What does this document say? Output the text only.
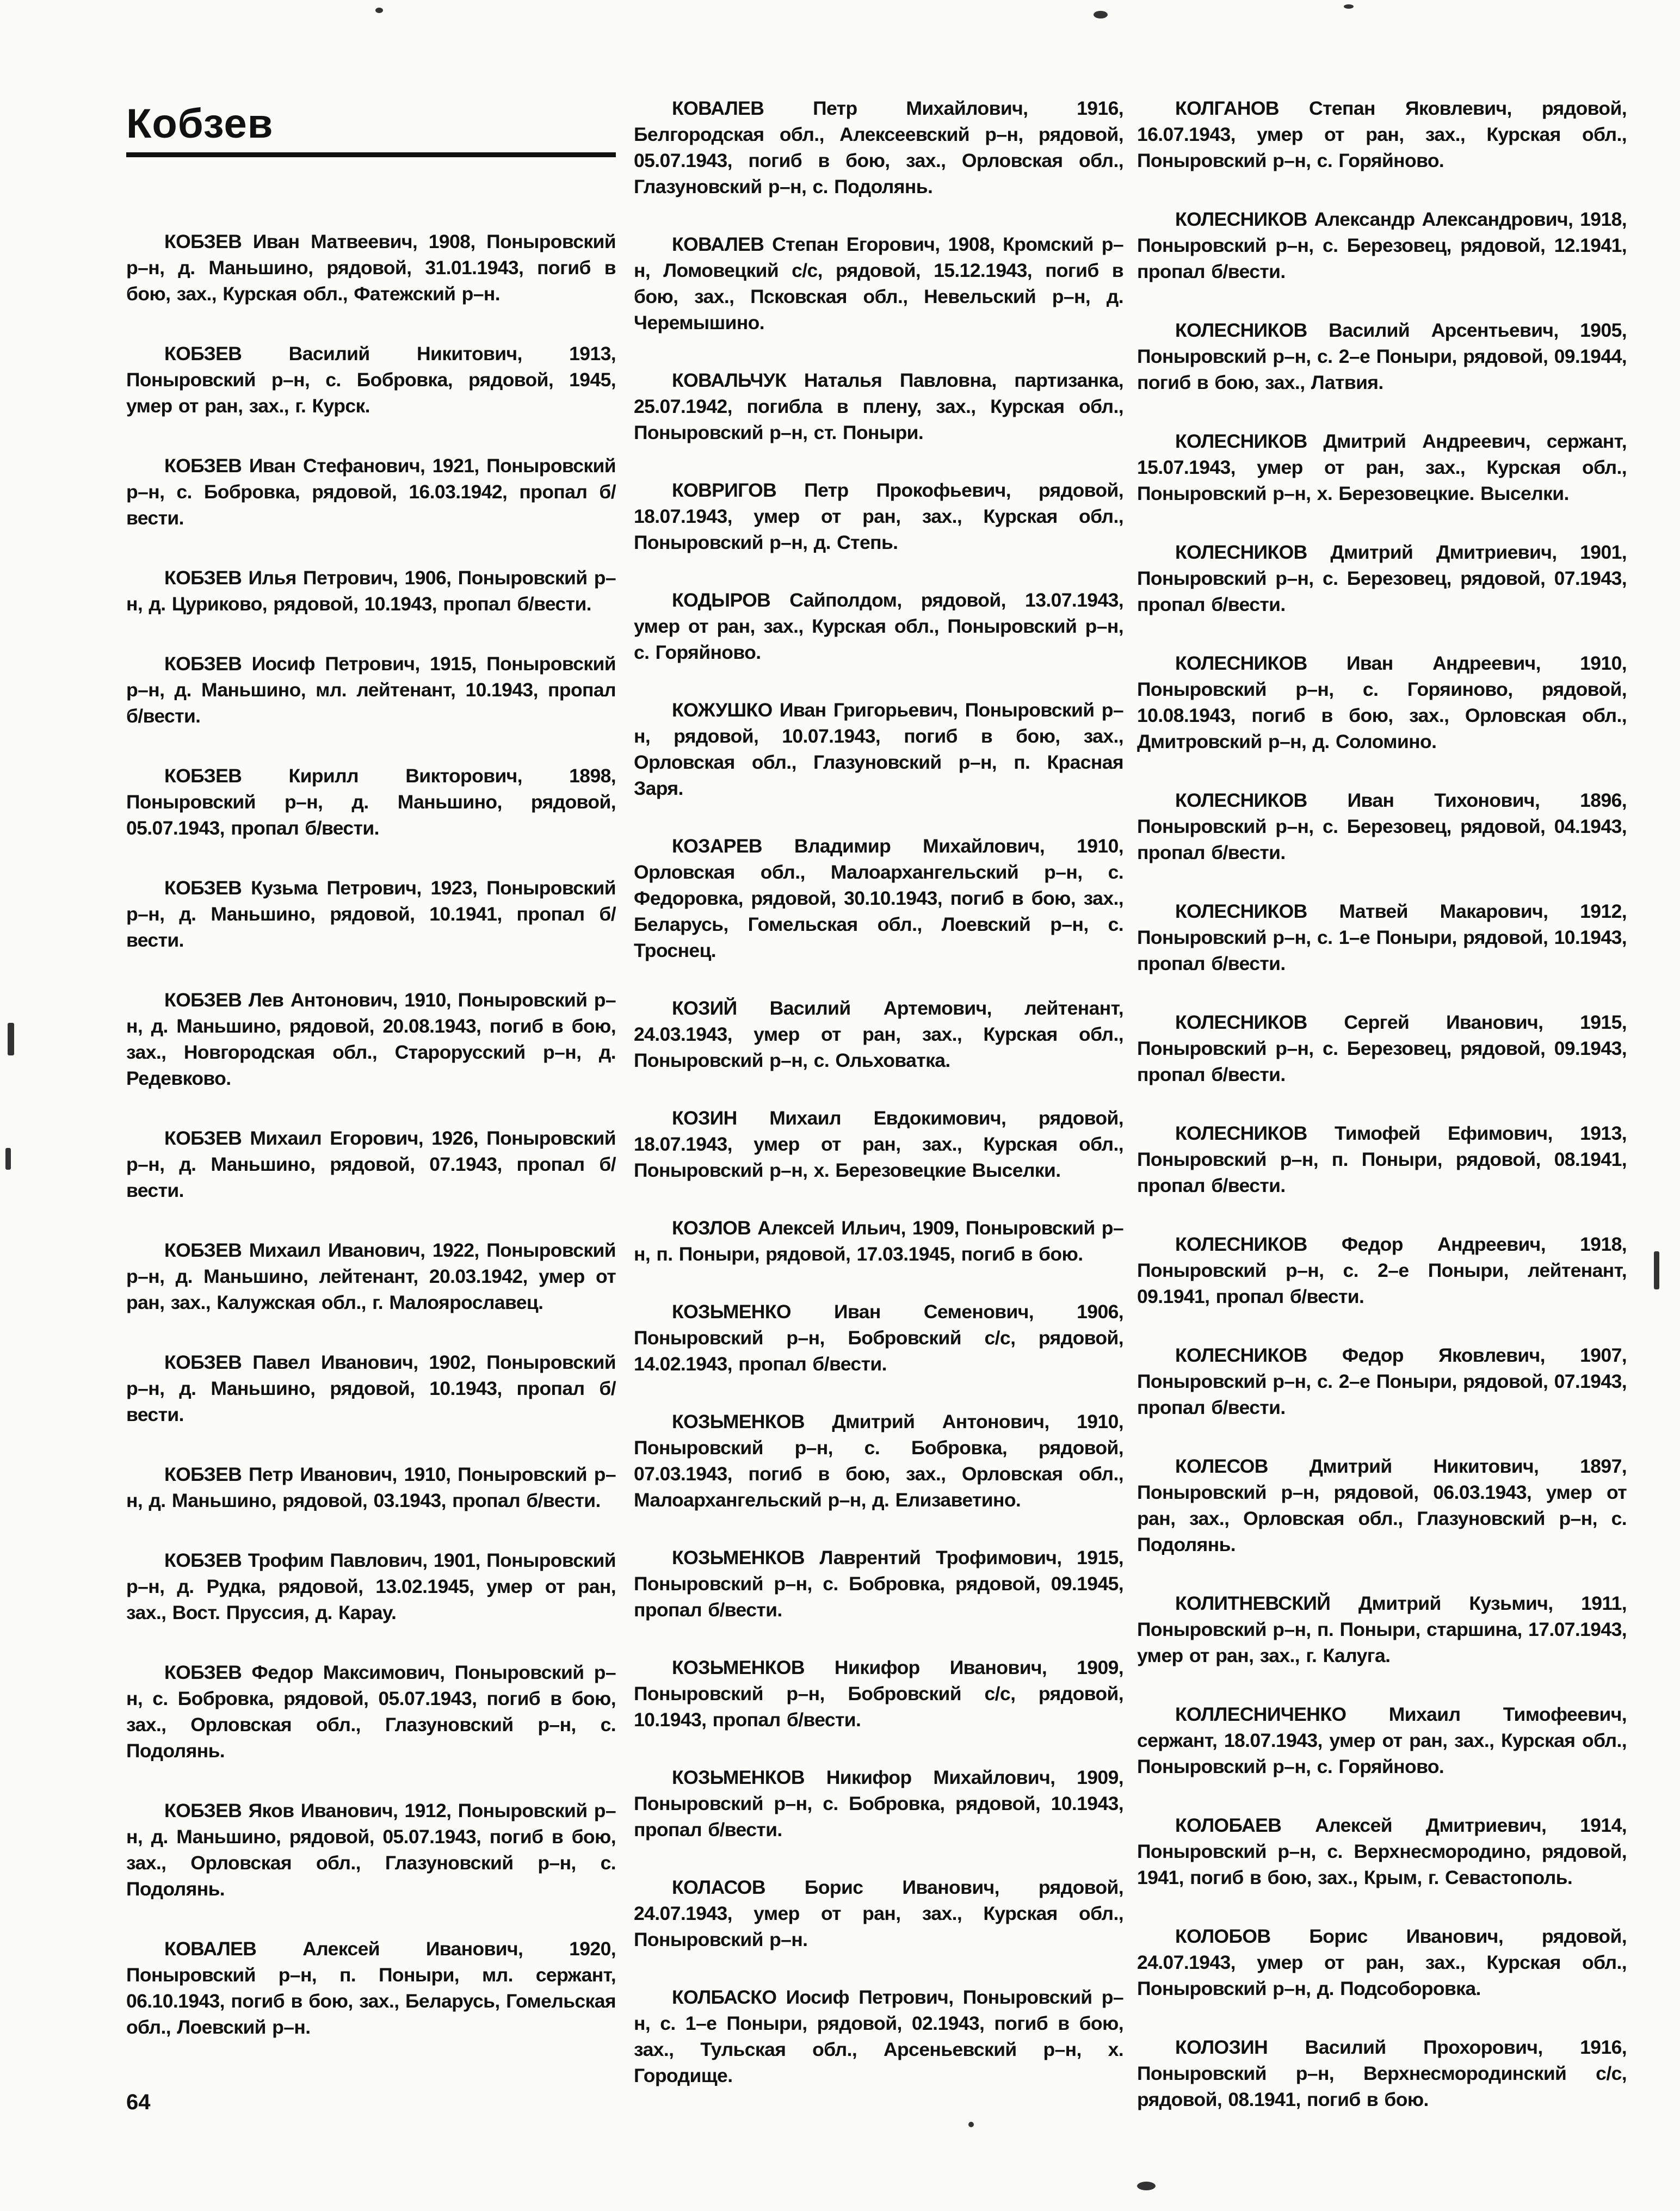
Кобзев

КОБЗЕВ Иван Матвеевич, 1908, Поныровский р–н, д. Маньшино, рядовой, 31.01.1943, погиб в бою, зах., Курская обл., Фатежский р–н.

КОБЗЕВ Василий Никитович, 1913, Поныровский р–н, с. Бобровка, рядовой, 1945, умер от ран, зах., г. Курск.

КОБЗЕВ Иван Стефанович, 1921, Поныровский р–н, с. Бобровка, рядовой, 16.03.1942, пропал б/вести.

КОБЗЕВ Илья Петрович, 1906, Поныровский р–н, д. Цуриково, рядовой, 10.1943, пропал б/вести.

КОБЗЕВ Иосиф Петрович, 1915, Поныровский р–н, д. Маньшино, мл. лейтенант, 10.1943, пропал б/вести.

КОБЗЕВ Кирилл Викторович, 1898, Поныровский р–н, д. Маньшино, рядовой, 05.07.1943, пропал б/вести.

КОБЗЕВ Кузьма Петрович, 1923, Поныровский р–н, д. Маньшино, рядовой, 10.1941, пропал б/вести.

КОБЗЕВ Лев Антонович, 1910, Поныровский р–н, д. Маньшино, рядовой, 20.08.1943, погиб в бою, зах., Новгородская обл., Старорусский р–н, д. Редевково.

КОБЗЕВ Михаил Егорович, 1926, Поныровский р–н, д. Маньшино, рядовой, 07.1943, пропал б/вести.

КОБЗЕВ Михаил Иванович, 1922, Поныровский р–н, д. Маньшино, лейтенант, 20.03.1942, умер от ран, зах., Калужская обл., г. Малоярославец.

КОБЗЕВ Павел Иванович, 1902, Поныровский р–н, д. Маньшино, рядовой, 10.1943, пропал б/вести.

КОБЗЕВ Петр Иванович, 1910, Поныровский р–н, д. Маньшино, рядовой, 03.1943, пропал б/вести.

КОБЗЕВ Трофим Павлович, 1901, Поныровский р–н, д. Рудка, рядовой, 13.02.1945, умер от ран, зах., Вост. Пруссия, д. Карау.

КОБЗЕВ Федор Максимович, Поныровский р–н, с. Бобровка, рядовой, 05.07.1943, погиб в бою, зах., Орловская обл., Глазуновский р–н, с. Подолянь.

КОБЗЕВ Яков Иванович, 1912, Поныровский р–н, д. Маньшино, рядовой, 05.07.1943, погиб в бою, зах., Орловская обл., Глазуновский р–н, с. Подолянь.

КОВАЛЕВ Алексей Иванович, 1920, Поныровский р–н, п. Поныри, мл. сержант, 06.10.1943, погиб в бою, зах., Беларусь, Гомельская обл., Лоевский р–н.

КОВАЛЕВ Петр Михайлович, 1916, Белгородская обл., Алексеевский р–н, рядовой, 05.07.1943, погиб в бою, зах., Орловская обл., Глазуновский р–н, с. Подолянь.

КОВАЛЕВ Степан Егорович, 1908, Кромский р–н, Ломовецкий с/с, рядовой, 15.12.1943, погиб в бою, зах., Псковская обл., Невельский р–н, д. Черемышино.

КОВАЛЬЧУК Наталья Павловна, партизанка, 25.07.1942, погибла в плену, зах., Курская обл., Поныровский р–н, ст. Поныри.

КОВРИГОВ Петр Прокофьевич, рядовой, 18.07.1943, умер от ран, зах., Курская обл., Поныровский р–н, д. Степь.

КОДЫРОВ Сайполдом, рядовой, 13.07.1943, умер от ран, зах., Курская обл., Поныровский р–н, с. Горяйново.

КОЖУШКО Иван Григорьевич, Поныровский р–н, рядовой, 10.07.1943, погиб в бою, зах., Орловская обл., Глазуновский р–н, п. Красная Заря.

КОЗАРЕВ Владимир Михайлович, 1910, Орловская обл., Малоархангельский р–н, с. Федоровка, рядовой, 30.10.1943, погиб в бою, зах., Беларусь, Гомельская обл., Лоевский р–н, с. Троснец.

КОЗИЙ Василий Артемович, лейтенант, 24.03.1943, умер от ран, зах., Курская обл., Поныровский р–н, с. Ольховатка.

КОЗИН Михаил Евдокимович, рядовой, 18.07.1943, умер от ран, зах., Курская обл., Поныровский р–н, х. Березовецкие Выселки.

КОЗЛОВ Алексей Ильич, 1909, Поныровский р–н, п. Поныри, рядовой, 17.03.1945, погиб в бою.

КОЗЬМЕНКО Иван Семенович, 1906, Поныровский р–н, Бобровский с/с, рядовой, 14.02.1943, пропал б/вести.

КОЗЬМЕНКОВ Дмитрий Антонович, 1910, Поныровский р–н, с. Бобровка, рядовой, 07.03.1943, погиб в бою, зах., Орловская обл., Малоархангельский р–н, д. Елизаветино.

КОЗЬМЕНКОВ Лаврентий Трофимович, 1915, Поныровский р–н, с. Бобровка, рядовой, 09.1945, пропал б/вести.

КОЗЬМЕНКОВ Никифор Иванович, 1909, Поныровский р–н, Бобровский с/с, рядовой, 10.1943, пропал б/вести.

КОЗЬМЕНКОВ Никифор Михайлович, 1909, Поныровский р–н, с. Бобровка, рядовой, 10.1943, пропал б/вести.

КОЛАСОВ Борис Иванович, рядовой, 24.07.1943, умер от ран, зах., Курская обл., Поныровский р–н.

КОЛБАСКО Иосиф Петрович, Поныровский р–н, с. 1–е Поныри, рядовой, 02.1943, погиб в бою, зах., Тульская обл., Арсеньевский р–н, х. Городище.

КОЛГАНОВ Степан Яковлевич, рядовой, 16.07.1943, умер от ран, зах., Курская обл., Поныровский р–н, с. Горяйново.

КОЛЕСНИКОВ Александр Александрович, 1918, Поныровский р–н, с. Березовец, рядовой, 12.1941, пропал б/вести.

КОЛЕСНИКОВ Василий Арсентьевич, 1905, Поныровский р–н, с. 2–е Поныри, рядовой, 09.1944, погиб в бою, зах., Латвия.

КОЛЕСНИКОВ Дмитрий Андреевич, сержант, 15.07.1943, умер от ран, зах., Курская обл., Поныровский р–н, х. Березовецкие. Выселки.

КОЛЕСНИКОВ Дмитрий Дмитриевич, 1901, Поныровский р–н, с. Березовец, рядовой, 07.1943, пропал б/вести.

КОЛЕСНИКОВ Иван Андреевич, 1910, Поныровский р–н, с. Горяиново, рядовой, 10.08.1943, погиб в бою, зах., Орловская обл., Дмитровский р–н, д. Соломино.

КОЛЕСНИКОВ Иван Тихонович, 1896, Поныровский р–н, с. Березовец, рядовой, 04.1943, пропал б/вести.

КОЛЕСНИКОВ Матвей Макарович, 1912, Поныровский р–н, с. 1–е Поныри, рядовой, 10.1943, пропал б/вести.

КОЛЕСНИКОВ Сергей Иванович, 1915, Поныровский р–н, с. Березовец, рядовой, 09.1943, пропал б/вести.

КОЛЕСНИКОВ Тимофей Ефимович, 1913, Поныровский р–н, п. Поныри, рядовой, 08.1941, пропал б/вести.

КОЛЕСНИКОВ Федор Андреевич, 1918, Поныровский р–н, с. 2–е Поныри, лейтенант, 09.1941, пропал б/вести.

КОЛЕСНИКОВ Федор Яковлевич, 1907, Поныровский р–н, с. 2–е Поныри, рядовой, 07.1943, пропал б/вести.

КОЛЕСОВ Дмитрий Никитович, 1897, Поныровский р–н, рядовой, 06.03.1943, умер от ран, зах., Орловская обл., Глазуновский р–н, с. Подолянь.

КОЛИТНЕВСКИЙ Дмитрий Кузьмич, 1911, Поныровский р–н, п. Поныри, старшина, 17.07.1943, умер от ран, зах., г. Калуга.

КОЛЛЕСНИЧЕНКО Михаил Тимофеевич, сержант, 18.07.1943, умер от ран, зах., Курская обл., Поныровский р–н, с. Горяйново.

КОЛОБАЕВ Алексей Дмитриевич, 1914, Поныровский р–н, с. Верхнесмородино, рядовой, 1941, погиб в бою, зах., Крым, г. Севастополь.

КОЛОБОВ Борис Иванович, рядовой, 24.07.1943, умер от ран, зах., Курская обл., Поныровский р–н, д. Подсоборовка.

КОЛОЗИН Василий Прохорович, 1916, Поныровский р–н, Верхнесмородинский с/с, рядовой, 08.1941, погиб в бою.

64
